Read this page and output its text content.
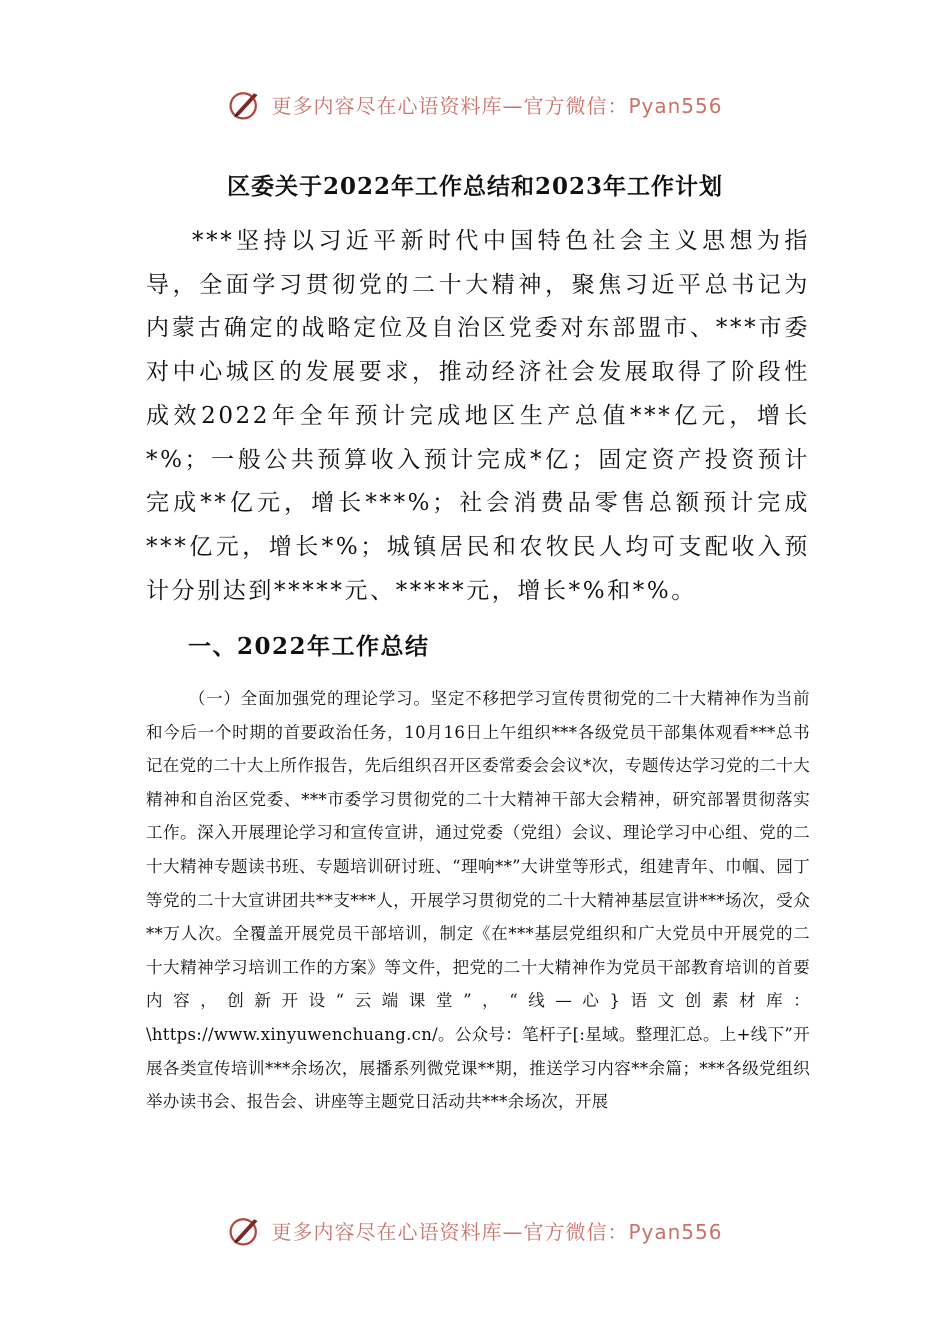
更多内容尽在心语资料库—官方微信：Pyan556
区委关于2022年工作总结和2023年工作计划

***坚持以习近平新时代中国特色社会主义思想为指导，全面学习贯彻党的二十大精神，聚焦习近平总书记为内蒙古确定的战略定位及自治区党委对东部盟市、***市委对中心城区的发展要求，推动经济社会发展取得了阶段性成效2022年全年预计完成地区生产总值***亿元，增长*%；一般公共预算收入预计完成*亿；固定资产投资预计完成**亿元，增长***%；社会消费品零售总额预计完成***亿元，增长*%；城镇居民和农牧民人均可支配收入预计分别达到*****元、*****元，增长*%和*%。

一、2022年工作总结

（一）全面加强党的理论学习。坚定不移把学习宣传贯彻党的二十大精神作为当前和今后一个时期的首要政治任务，10月16日上午组织***各级党员干部集体观看***总书记在党的二十大上所作报告，先后组织召开区委常委会会议*次，专题传达学习党的二十大精神和自治区党委、***市委学习贯彻党的二十大精神干部大会精神，研究部署贯彻落实工作。深入开展理论学习和宣传宣讲，通过党委（党组）会议、理论学习中心组、党的二十大精神专题读书班、专题培训研讨班、“理响**”大讲堂等形式，组建青年、巾帼、园丁等党的二十大宣讲团共**支***人，开展学习贯彻党的二十大精神基层宣讲***场次，受众**万人次。全覆盖开展党员干部培训，制定《在***基层党组织和广大党员中开展党的二十大精神学习培训工作的方案》等文件，把党的二十大精神作为党员干部教育培训的首要内容，创新开设“云端课堂”，“线—心}语文创素材库：\https://www.xinyuwenchuang.cn/。公众号：笔杆子[:星域。整理汇总。上+线下”开展各类宣传培训***余场次，展播系列微党课**期，推送学习内容**余篇；***各级党组织举办读书会、报告会、讲座等主题党日活动共***余场次，开展

更多内容尽在心语资料库—官方微信：Pyan556
